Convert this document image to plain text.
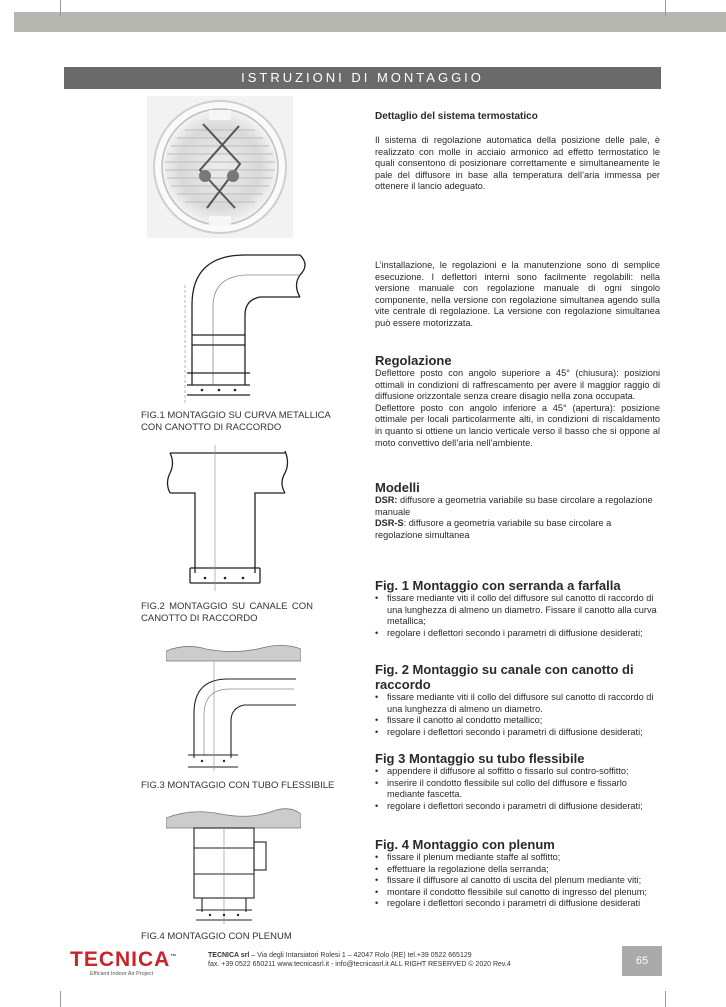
ISTRUZIONI DI MONTAGGIO
FIG.1 MONTAGGIO SU CURVA METALLICA CON CANOTTO DI RACCORDO
FIG.2 MONTAGGIO SU CANALE CON CANOTTO DI RACCORDO
FIG.3 MONTAGGIO CON TUBO FLESSIBILE
FIG.4 MONTAGGIO CON PLENUM
Dettaglio del sistema termostatico

Il sistema di regolazione automatica della posizione delle pale, è realizzato con molle in acciaio armonico ad effetto termostatico le quali consentono di posizionare correttamente e simultaneamente le pale del diffusore in base alla temperatura dell’aria immessa per ottenere il lancio adeguato.

L’installazione, le regolazioni e la manutenzione sono di semplice esecuzione. I deflettori interni sono facilmente regolabili: nella versione manuale con regolazione manuale di ogni singolo componente, nella versione con regolazione simultanea agendo sulla vite centrale di regolazione. La versione con regolazione simultanea può essere motorizzata.

Regolazione

Deflettore posto con angolo superiore a 45° (chiusura): posizioni ottimali in condizioni di raffrescamento per avere il maggior raggio di diffusione orizzontale senza creare disagio nella zona occupata.

Deflettore posto con angolo inferiore a 45° (apertura): posizione ottimale per locali particolarmente alti, in condizioni di riscaldamento in quanto si ottiene un lancio verticale verso il basso che si oppone al moto convettivo dell’aria nell’ambiente.

Modelli

DSR: diffusore a geometria variabile su base circolare a regolazione manuale

DSR-S: diffusore a geometria variabile su base circolare a regolazione simultanea

Fig. 1 Montaggio con serranda a farfalla
• fissare mediante viti il collo del diffusore sul canotto di raccordo di una lunghezza di almeno un diametro. Fissare il canotto alla curva metallica;
• regolare i deflettori secondo i parametri di diffusione desiderati;
Fig. 2 Montaggio su canale con canotto di raccordo
• fissare mediante viti il collo del diffusore sul canotto di raccordo di una lunghezza di almeno un diametro.
• fissare il canotto al condotto metallico;
• regolare i deflettori secondo i parametri di diffusione desiderati;
Fig 3 Montaggio su tubo flessibile
• appendere il diffusore al soffitto o fissarlo sul contro-soffitto;
• inserire il condotto flessibile sul collo del diffusore e fissarlo mediante fascetta.
• regolare i deflettori secondo i parametri di diffusione desiderati;
Fig. 4 Montaggio con plenum
• fissare il plenum mediante staffe al soffitto;
• effettuare la regolazione della serranda;
• fissare il diffusore al canotto di uscita del plenum mediante viti;
• montare il condotto flessibile sul canotto di ingresso del plenum;
• regolare i deflettori secondo i parametri di diffusione desiderati
TECNICA™
Efficient Indoor Air Project
TECNICA srl – Via degli Intarsiatori Rolesi 1 – 42047 Rolo (RE) tel.+39 0522 665129
fax. +39 0522 650211 www.tecnicasrl.it - info@tecnicasrl.it ALL RIGHT RESERVED © 2020 Rev.4	65
